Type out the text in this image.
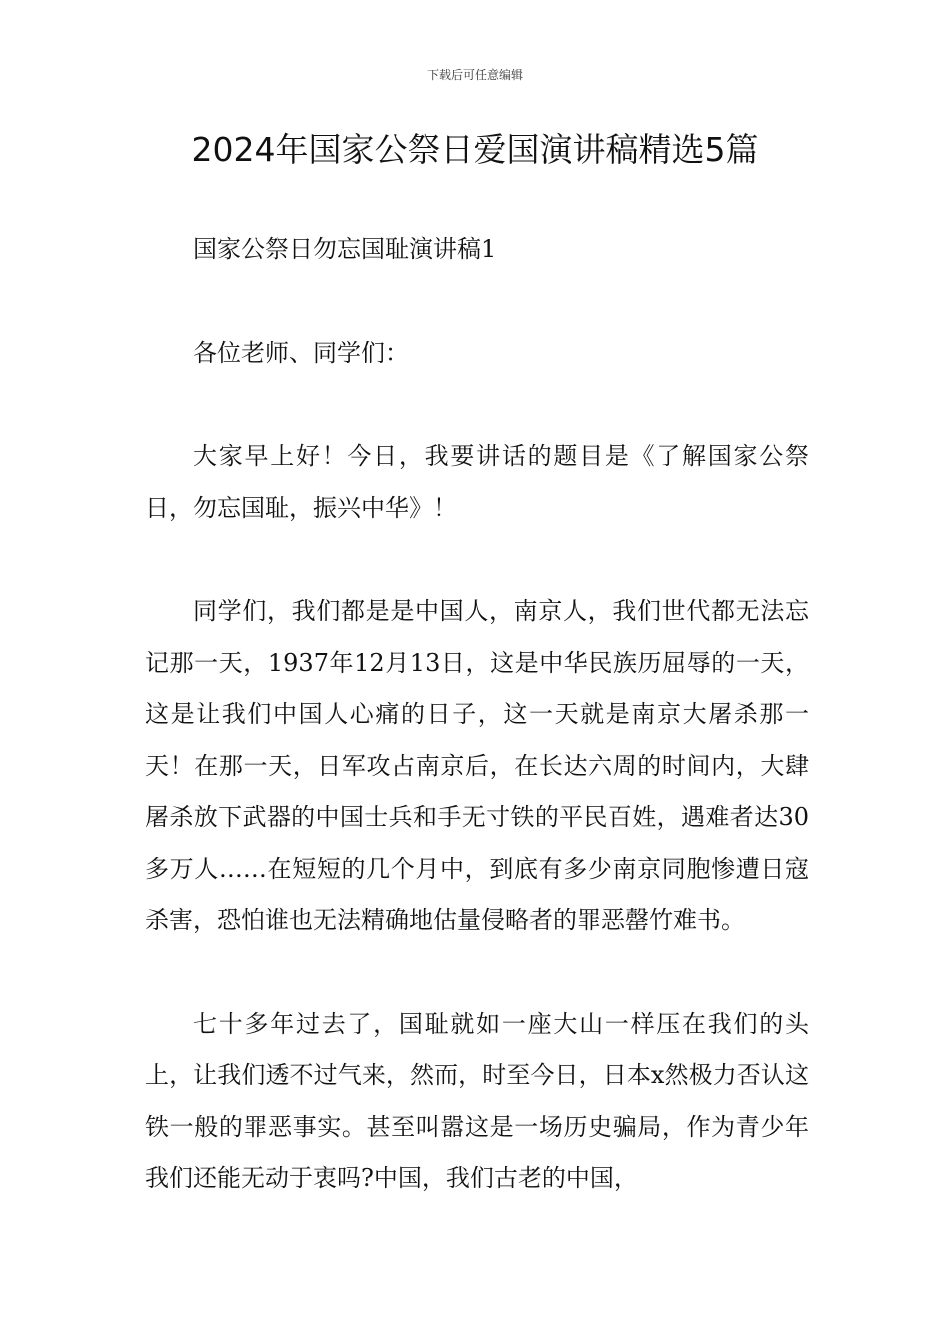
下载后可任意编辑
2024年国家公祭日爱国演讲稿精选5篇

国家公祭日勿忘国耻演讲稿1

各位老师、同学们：

大家早上好！今日，我要讲话的题目是《了解国家公祭日，勿忘国耻，振兴中华》！

同学们，我们都是是中国人，南京人，我们世代都无法忘记那一天，1937年12月13日，这是中华民族历屈辱的一天，这是让我们中国人心痛的日子，这一天就是南京大屠杀那一天！在那一天，日军攻占南京后，在长达六周的时间内，大肆屠杀放下武器的中国士兵和手无寸铁的平民百姓，遇难者达30多万人……在短短的几个月中，到底有多少南京同胞惨遭日寇杀害，恐怕谁也无法精确地估量侵略者的罪恶罄竹难书。

七十多年过去了，国耻就如一座大山一样压在我们的头上，让我们透不过气来，然而，时至今日，日本x然极力否认这铁一般的罪恶事实。甚至叫嚣这是一场历史骗局，作为青少年我们还能无动于衷吗?中国，我们古老的中国，
